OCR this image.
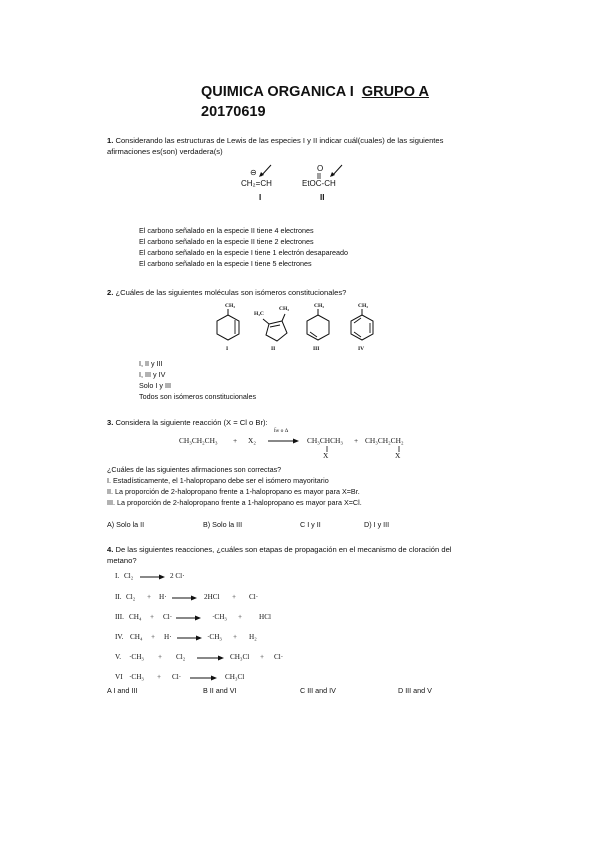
QUIMICA ORGANICA I GRUPO A
20170619
1. Considerando las estructuras de Lewis de las especies I y II indicar cuál(cuales) de las siguientes
afirmaciones es(son) verdadera(s)
⊖
CH₂=CH
I
O
EtOC-CH
II
El carbono señalado en la especie II tiene 4 electrones
El carbono señalado en la especie II tiene 2 electrones
El carbono señalado en la especie I tiene 1 electrón desapareado
El carbono señalado en la especie I tiene 5 electrones
2. ¿Cuáles de las siguientes moléculas son isómeros constitucionales?
CH₃
I
H₃C
CH₃
II
CH₃
III
CH₃
IV
I, II y III
I, III y IV
Solo I y III
Todos son isómeros constitucionales
3. Considera la siguiente reacción (X = Cl o Br):
CH₃CH₂CH₃ + X₂
h̄ν o Δ
CH₃CHCH₃
X
+ CH₃CH₂CH₂
X
¿Cuáles de las siguientes afirmaciones son correctas?
I. Estadísticamente, el 1-halopropano debe ser el isómero mayoritario
II. La proporción de 2-halopropano frente a 1-halopropano es mayor para X=Br.
III. La proporción de 2-halopropano frente a 1-halopropano es mayor para X=Cl.
A) Solo la II	B) Solo la III	C I y II	D) I y III
4. De las siguientes reacciones, ¿cuáles son etapas de propagación en el mecanismo de cloración del
metano?
I. Cl₂	2 Cl·
II. Cl₂ + H·	2HCl + Cl·
III. CH₄ + Cl·	·CH₃ + HCl
IV. CH₄ + H·	·CH₃ + H₂
V. ·CH₃ + Cl₂	CH₃Cl + Cl·
VI ·CH₃ + Cl·	CH₃Cl
A I and III	B II and VI	C III and IV	D III and V
